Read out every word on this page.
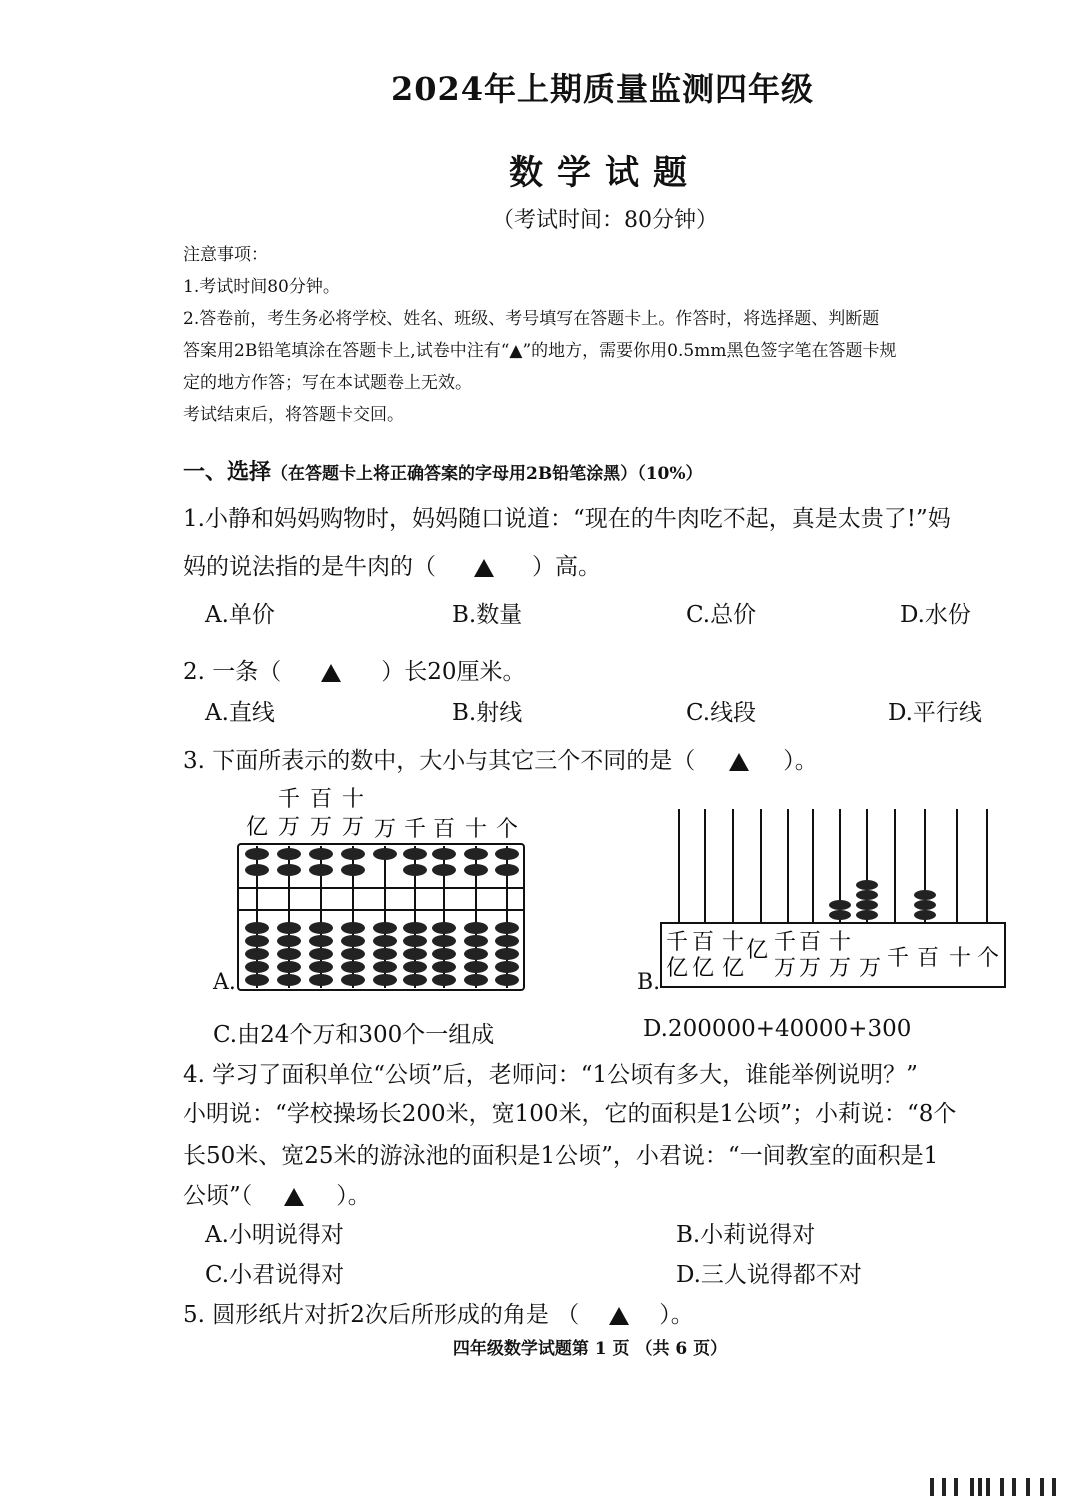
2024年上期质量监测四年级
数学试题
（考试时间：80分钟）
注意事项：
1.考试时间80分钟。
2.答卷前，考生务必将学校、姓名、班级、考号填写在答题卡上。作答时，将选择题、判断题
答案用2B铅笔填涂在答题卡上,试卷中注有“▲”的地方，需要你用0.5mm黑色签字笔在答题卡规
定的地方作答；写在本试题卷上无效。
考试结束后，将答题卡交回。
一、选择（在答题卡上将正确答案的字母用2B铅笔涂黑）（10%）
1.小静和妈妈购物时，妈妈随口说道：“现在的牛肉吃不起，真是太贵了!”妈
妈的说法指的是牛肉的（	）高。
A.单价	B.数量	C.总价	D.水份
2. 一条（	）长20厘米。
A.直线	B.射线	C.线段	D.平行线
3. 下面所表示的数中，大小与其它三个不同的是（	）。
A.
千 百 十
亿 万 万 万 万 千 百 十 个
B.
亿 亿 亿
亿
万 万 万 万 千 百 十 个
千 百 十 千 百 十
C.由24个万和300个一组成	D.200000+40000+300
4. 学习了面积单位“公顷”后，老师问：“1公顷有多大，谁能举例说明？”
小明说：“学校操场长200米，宽100米，它的面积是1公顷”；小莉说：“8个
长50米、宽25米的游泳池的面积是1公顷”，小君说：“一间教室的面积是1
公顷”（	）。
A.小明说得对	B.小莉说得对
C.小君说得对	D.三人说得都不对
5. 圆形纸片对折2次后所形成的角是 （	）。
四年级数学试题第 1 页 （共 6 页）
